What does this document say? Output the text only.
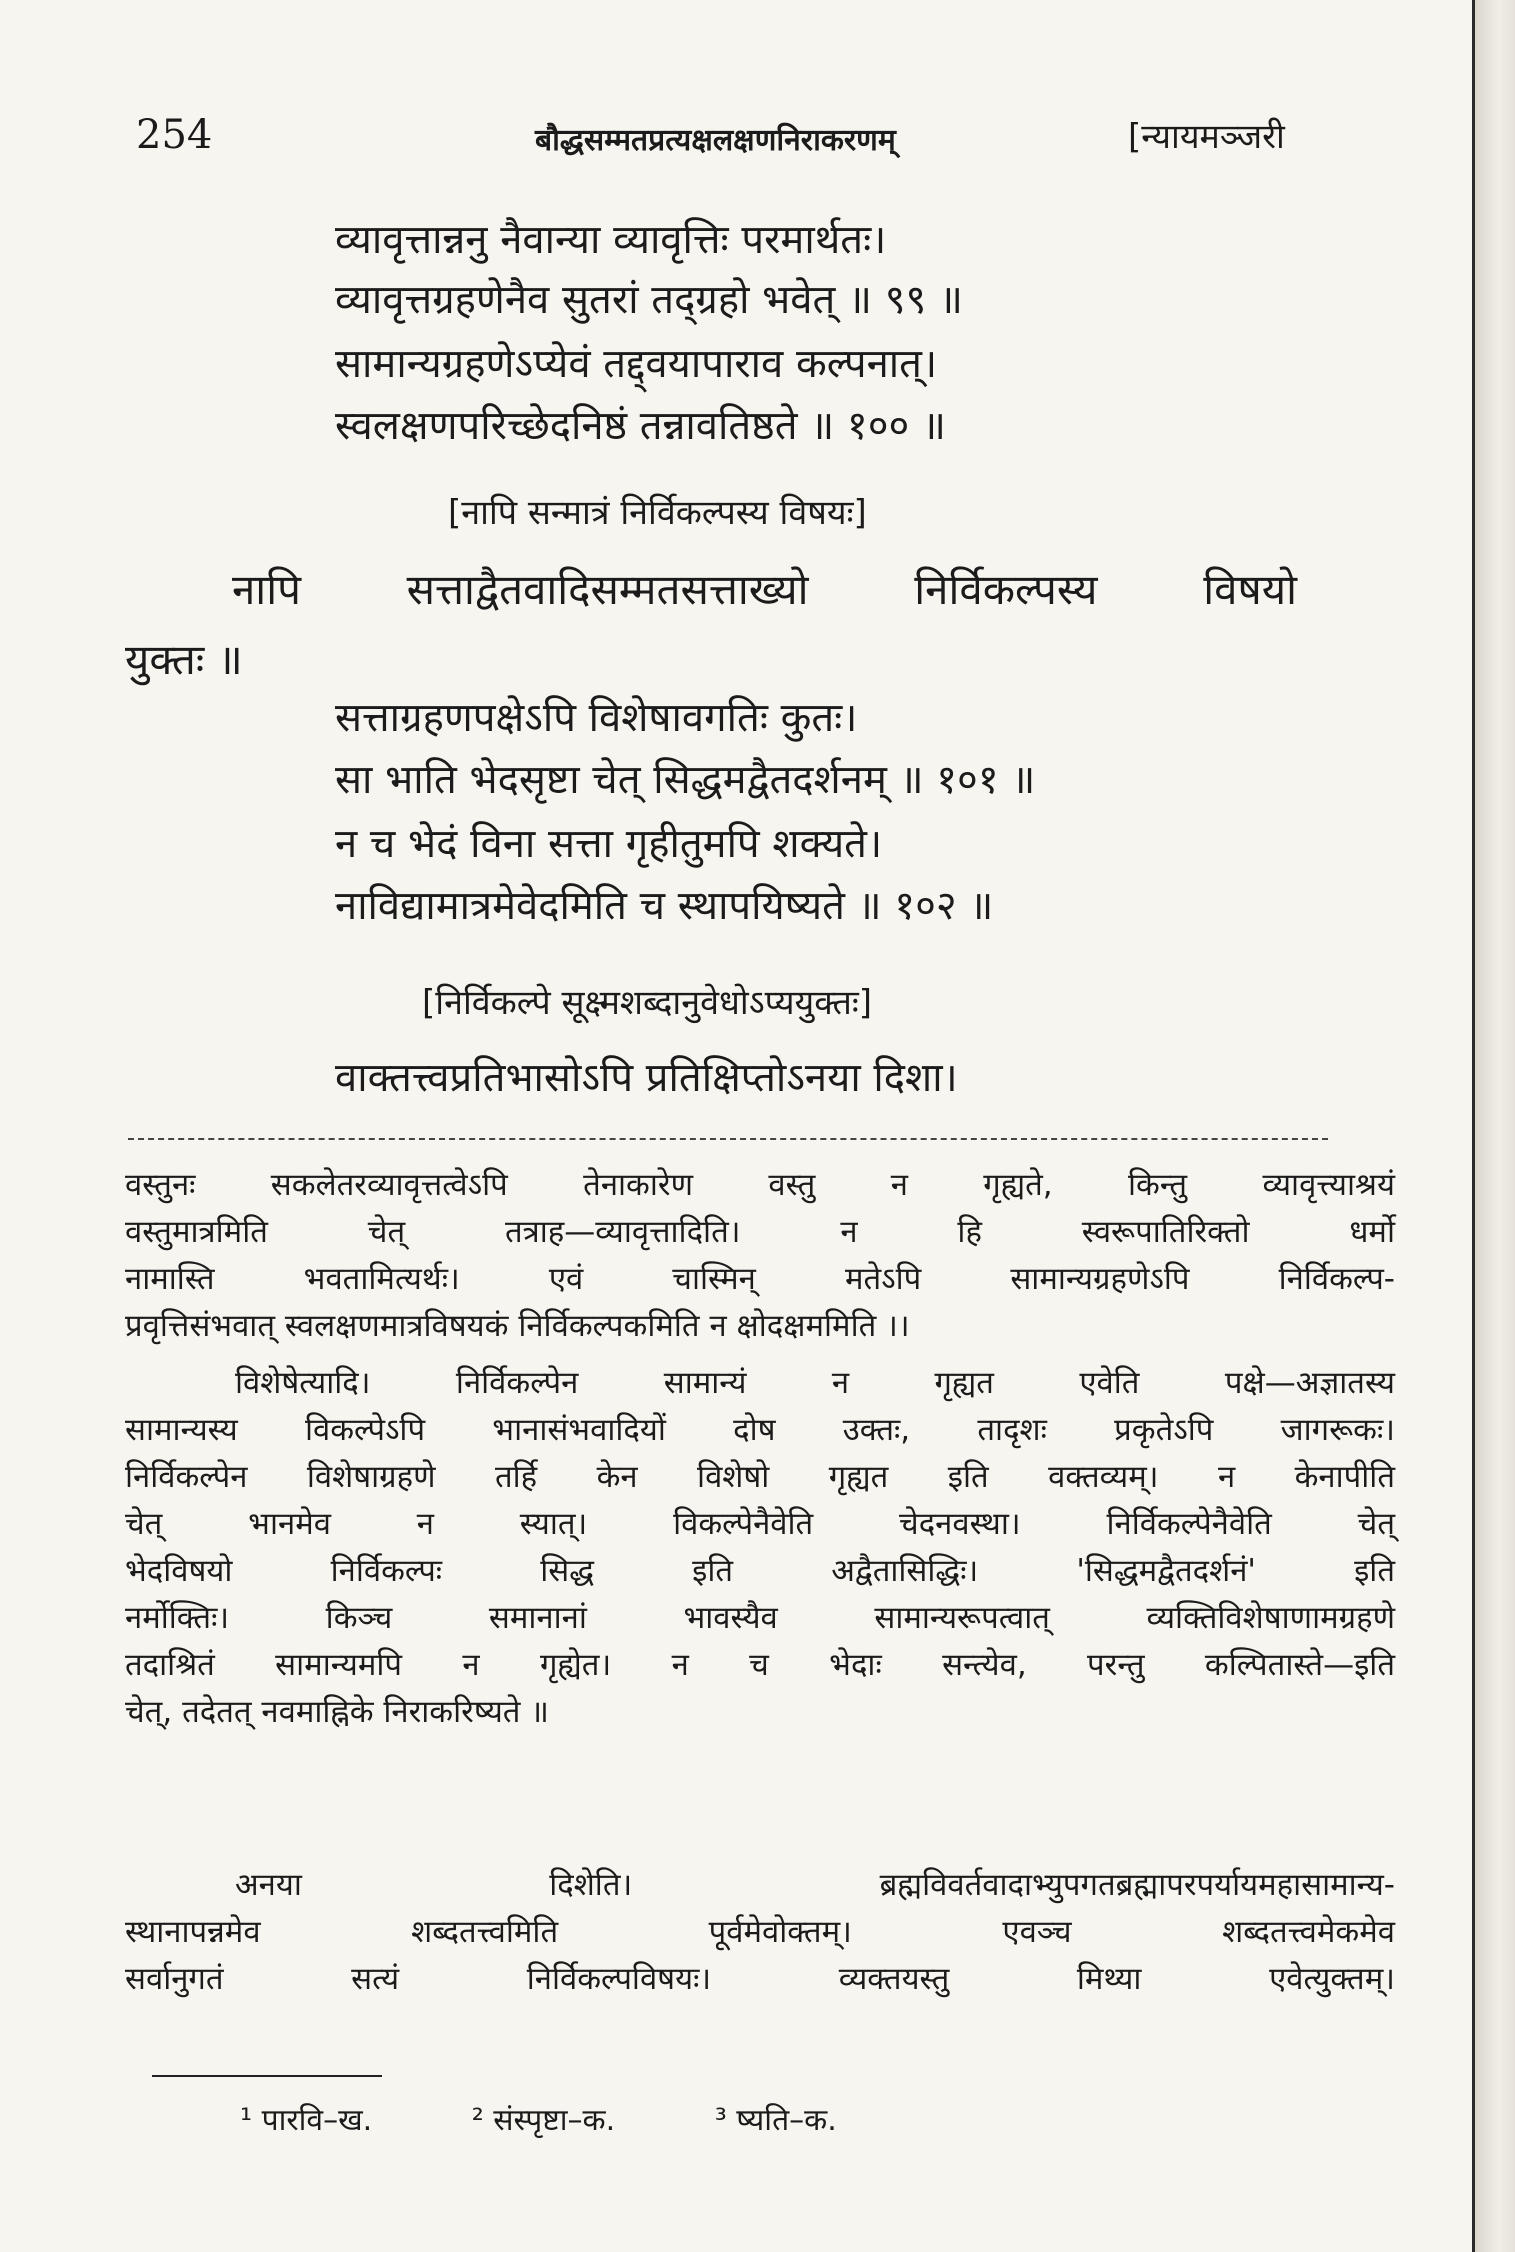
254	बौद्धसम्मतप्रत्यक्षलक्षणनिराकरणम्	[न्यायमञ्जरी
व्यावृत्तान्ननु नैवान्या व्यावृत्तिः परमार्थतः।
व्यावृत्तग्रहणेनैव सुतरां तद्ग्रहो भवेत् ॥ ९९ ॥
सामान्यग्रहणेऽप्येवं तद्द्वयापाराव कल्पनात्।
स्वलक्षणपरिच्छेदनिष्ठं तन्नावतिष्ठते ॥ १०० ॥
[नापि सन्मात्रं निर्विकल्पस्य विषयः]
नापि सत्ताद्वैतवादिसम्मतसत्ताख्यो निर्विकल्पस्य विषयो
युक्तः ॥
सत्ताग्रहणपक्षेऽपि विशेषावगतिः कुतः।
सा भाति भेदसृष्टा चेत् सिद्धमद्वैतदर्शनम् ॥ १०१ ॥
न च भेदं विना सत्ता गृहीतुमपि शक्यते।
नाविद्यामात्रमेवेदमिति च स्थापयिष्यते ॥ १०२ ॥
[निर्विकल्पे सूक्ष्मशब्दानुवेधोऽप्ययुक्तः]
वाक्तत्त्वप्रतिभासोऽपि प्रतिक्षिप्तोऽनया दिशा।

वस्तुनः सकलेतरव्यावृत्तत्वेऽपि तेनाकारेण वस्तु न गृह्यते, किन्तु व्यावृत्त्याश्रयं

वस्तुमात्रमिति चेत् तत्राह—व्यावृत्तादिति। न हि स्वरूपातिरिक्तो धर्मो

नामास्ति भवतामित्यर्थः। एवं चास्मिन् मतेऽपि सामान्यग्रहणेऽपि निर्विकल्प-

प्रवृत्तिसंभवात् स्वलक्षणमात्रविषयकं निर्विकल्पकमिति न क्षोदक्षममिति ।।

विशेषेत्यादि। निर्विकल्पेन सामान्यं न गृह्यत एवेति पक्षे—अज्ञातस्य

सामान्यस्य विकल्पेऽपि भानासंभवादियों दोष उक्तः, तादृशः प्रकृतेऽपि जागरूकः।

निर्विकल्पेन विशेषाग्रहणे तर्हि केन विशेषो गृह्यत इति वक्तव्यम्। न केनापीति

चेत् भानमेव न स्यात्। विकल्पेनैवेति चेदनवस्था। निर्विकल्पेनैवेति चेत्

भेदविषयो निर्विकल्पः सिद्ध इति अद्वैतासिद्धिः। 'सिद्धमद्वैतदर्शनं' इति

नर्मोक्तिः। किञ्च समानानां भावस्यैव सामान्यरूपत्वात् व्यक्तिविशेषाणामग्रहणे

तदाश्रितं सामान्यमपि न गृह्येत। न च भेदाः सन्त्येव, परन्तु कल्पितास्ते—इति

चेत्, तदेतत् नवमाह्निके निराकरिष्यते ॥

अनया दिशेति। ब्रह्मविवर्तवादाभ्युपगतब्रह्मापरपर्यायमहासामान्य-

स्थानापन्नमेव शब्दतत्त्वमिति पूर्वमेवोक्तम्। एवञ्च शब्दतत्त्वमेकमेव

सर्वानुगतं सत्यं निर्विकल्पविषयः। व्यक्तयस्तु मिथ्या एवेत्युक्तम्।

¹ पारवि–ख.	² संस्पृष्टा–क.	³ ष्यति–क.
